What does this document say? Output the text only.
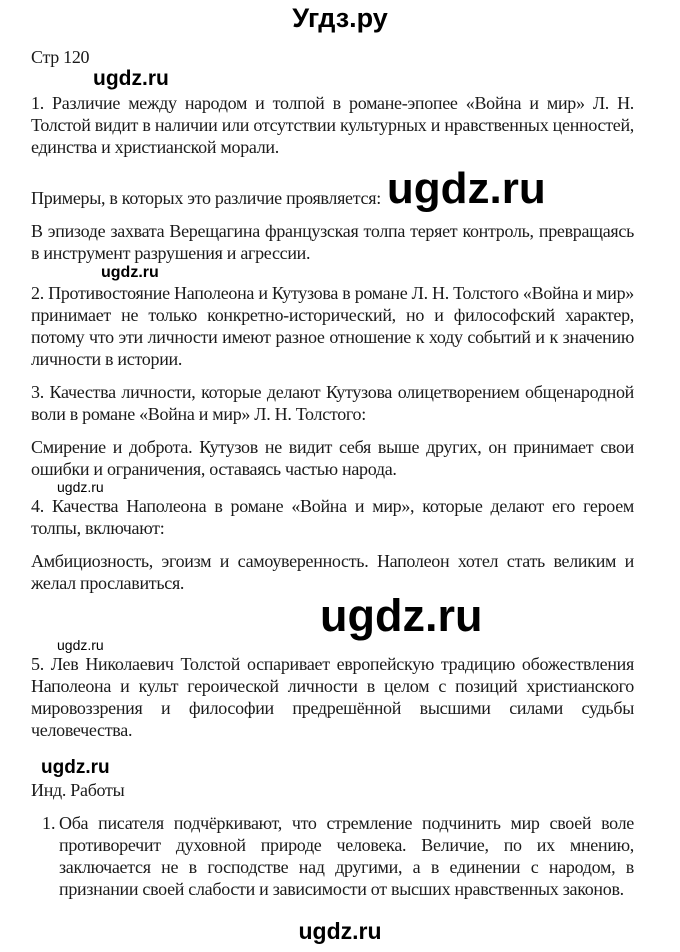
Угдз.ру
Стр 120
ugdz.ru
1. Различие между народом и толпой в романе-эпопее «Война и мир» Л. Н. Толстой видит в наличии или отсутствии культурных и нравственных ценностей, единства и христианской морали.
Примеры, в которых это различие проявляется: ugdz.ru
В эпизоде захвата Верещагина французская толпа теряет контроль, превращаясь в инструмент разрушения и агрессии.
ugdz.ru
2. Противостояние Наполеона и Кутузова в романе Л. Н. Толстого «Война и мир» принимает не только конкретно-исторический, но и философский характер, потому что эти личности имеют разное отношение к ходу событий и к значению личности в истории.
3. Качества личности, которые делают Кутузова олицетворением общенародной воли в романе «Война и мир» Л. Н. Толстого:
Смирение и доброта. Кутузов не видит себя выше других, он принимает свои ошибки и ограничения, оставаясь частью народа.
ugdz.ru
4. Качества Наполеона в романе «Война и мир», которые делают его героем толпы, включают:
Амбициозность, эгоизм и самоуверенность. Наполеон хотел стать великим и желал прославиться.
ugdz.ru
ugdz.ru
5. Лев Николаевич Толстой оспаривает европейскую традицию обожествления Наполеона и культ героической личности в целом с позиций христианского мировоззрения и философии предрешённой высшими силами судьбы человечества.
ugdz.ru
Инд. Работы
1. Оба писателя подчёркивают, что стремление подчинить мир своей воле противоречит духовной природе человека. Величие, по их мнению, заключается не в господстве над другими, а в единении с народом, в признании своей слабости и зависимости от высших нравственных законов.
ugdz.ru
